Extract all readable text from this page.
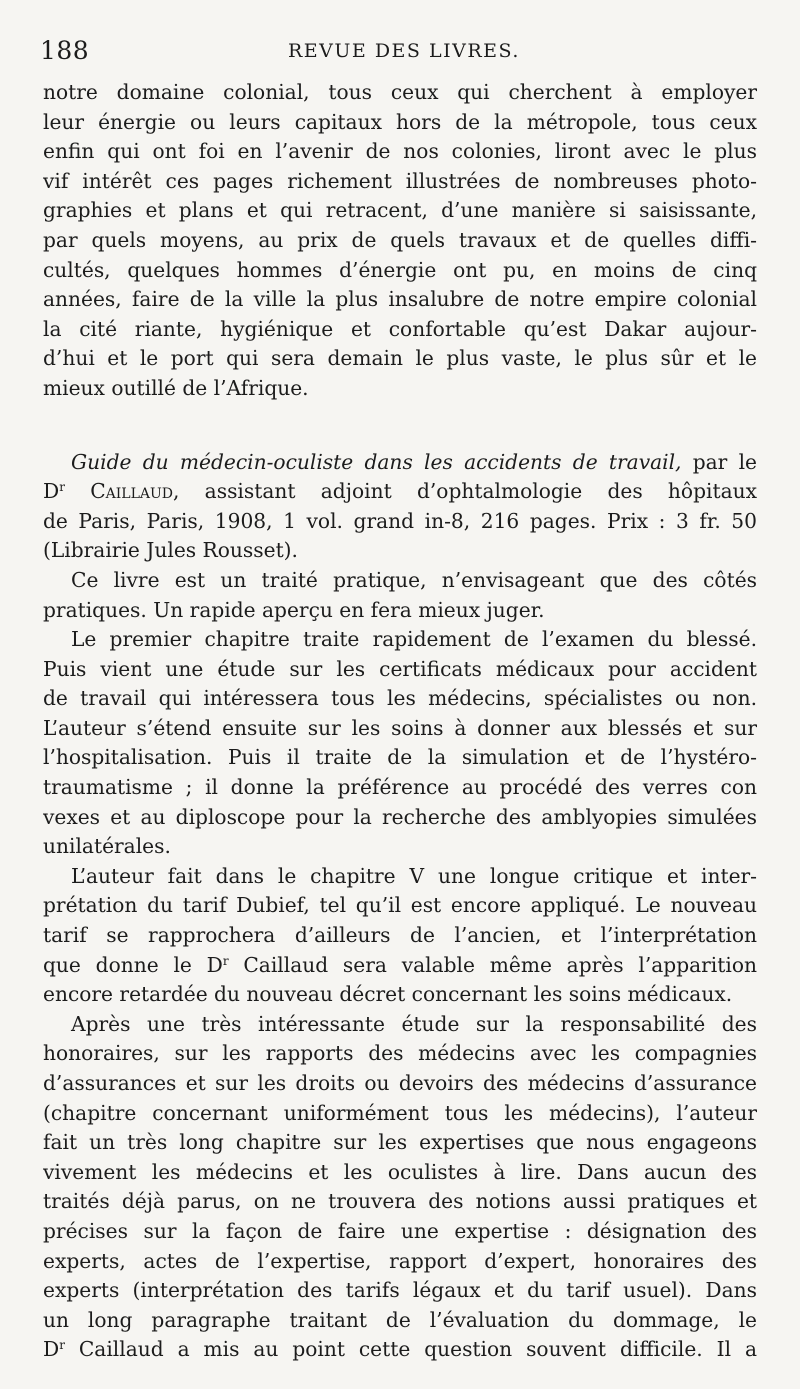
188	REVUE DES LIVRES.
notre domaine colonial, tous ceux qui cherchent à employer
leur énergie ou leurs capitaux hors de la métropole, tous ceux
enfin qui ont foi en l’avenir de nos colonies, liront avec le plus
vif intérêt ces pages richement illustrées de nombreuses photo-
graphies et plans et qui retracent, d’une manière si saisissante,
par quels moyens, au prix de quels travaux et de quelles diffi-
cultés, quelques hommes d’énergie ont pu, en moins de cinq
années, faire de la ville la plus insalubre de notre empire colonial
la cité riante, hygiénique et confortable qu’est Dakar aujour-
d’hui et le port qui sera demain le plus vaste, le plus sûr et le
mieux outillé de l’Afrique.
Guide du médecin-oculiste dans les accidents de travail, par le
$D^r$ Caillaud, assistant adjoint d’ophtalmologie des hôpitaux
de Paris, Paris, 1908, 1 vol. grand in-8, 216 pages. Prix : 3 fr. 50
(Librairie Jules Rousset).
Ce livre est un traité pratique, n’envisageant que des côtés
pratiques. Un rapide aperçu en fera mieux juger.
Le premier chapitre traite rapidement de l’examen du blessé.
Puis vient une étude sur les certificats médicaux pour accident
de travail qui intéressera tous les médecins, spécialistes ou non.
L’auteur s’étend ensuite sur les soins à donner aux blessés et sur
l’hospitalisation. Puis il traite de la simulation et de l’hystéro-
traumatisme ; il donne la préférence au procédé des verres con
vexes et au diploscope pour la recherche des amblyopies simulées
unilatérales.
L’auteur fait dans le chapitre V une longue critique et inter-
prétation du tarif Dubief, tel qu’il est encore appliqué. Le nouveau
tarif se rapprochera d’ailleurs de l’ancien, et l’interprétation
que donne le $D^r$ Caillaud sera valable même après l’apparition
encore retardée du nouveau décret concernant les soins médicaux.
Après une très intéressante étude sur la responsabilité des
honoraires, sur les rapports des médecins avec les compagnies
d’assurances et sur les droits ou devoirs des médecins d’assurance
(chapitre concernant uniformément tous les médecins), l’auteur
fait un très long chapitre sur les expertises que nous engageons
vivement les médecins et les oculistes à lire. Dans aucun des
traités déjà parus, on ne trouvera des notions aussi pratiques et
précises sur la façon de faire une expertise : désignation des
experts, actes de l’expertise, rapport d’expert, honoraires des
experts (interprétation des tarifs légaux et du tarif usuel). Dans
un long paragraphe traitant de l’évaluation du dommage, le
$D^r$ Caillaud a mis au point cette question souvent difficile. Il a
